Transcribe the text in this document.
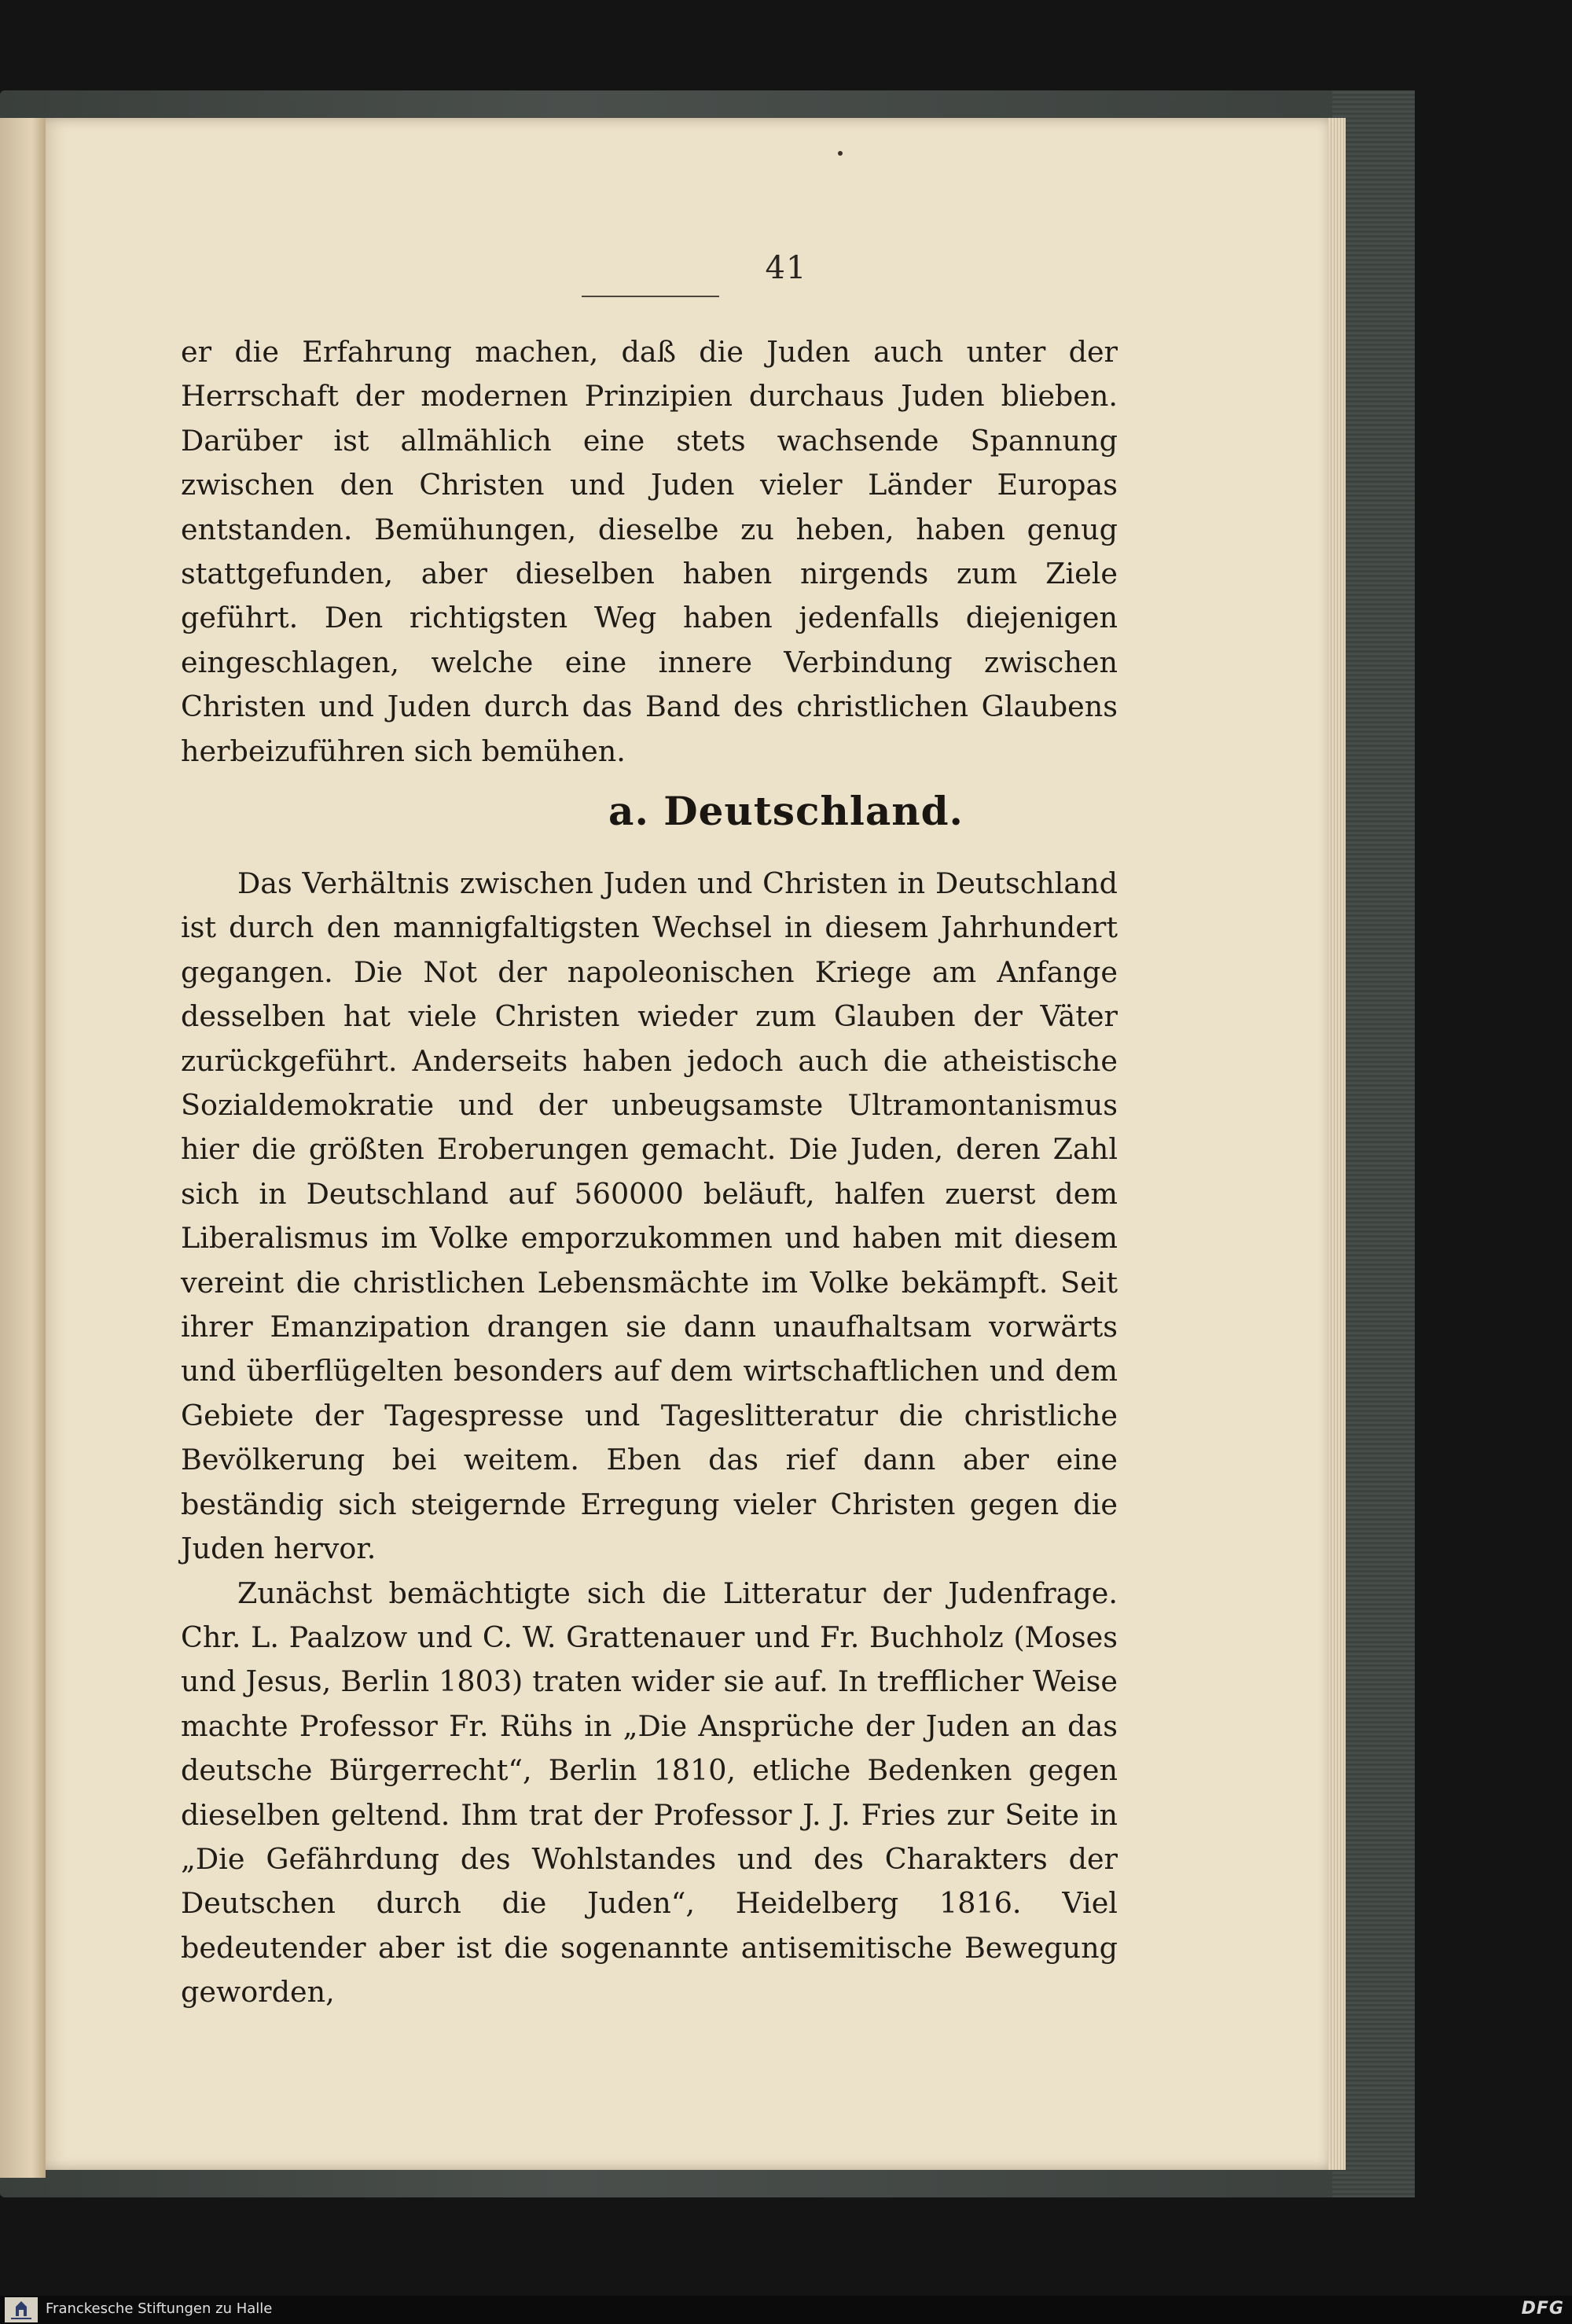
41

er die Erfahrung machen, daß die Juden auch unter der Herrschaft der modernen Prinzipien durchaus Juden blieben. Darüber ist allmählich eine stets wachsende Spannung zwischen den Christen und Juden vieler Länder Europas entstanden. Bemühungen, dieselbe zu heben, haben genug stattgefunden, aber dieselben haben nirgends zum Ziele geführt. Den richtigsten Weg haben jedenfalls diejenigen eingeschlagen, welche eine innere Verbindung zwischen Christen und Juden durch das Band des christlichen Glaubens herbeizuführen sich bemühen.

a. Deutschland.

Das Verhältnis zwischen Juden und Christen in Deutschland ist durch den mannigfaltigsten Wechsel in diesem Jahrhundert gegangen. Die Not der napoleonischen Kriege am Anfange desselben hat viele Christen wieder zum Glauben der Väter zurückgeführt. Anderseits haben jedoch auch die atheistische Sozialdemokratie und der unbeugsamste Ultramontanismus hier die größten Eroberungen gemacht. Die Juden, deren Zahl sich in Deutschland auf 560000 beläuft, halfen zuerst dem Liberalismus im Volke emporzukommen und haben mit diesem vereint die christlichen Lebensmächte im Volke bekämpft. Seit ihrer Emanzipation drangen sie dann unaufhaltsam vorwärts und überflügelten besonders auf dem wirtschaftlichen und dem Gebiete der Tagespresse und Tageslitteratur die christliche Bevölkerung bei weitem. Eben das rief dann aber eine beständig sich steigernde Erregung vieler Christen gegen die Juden hervor.

Zunächst bemächtigte sich die Litteratur der Judenfrage. Chr. L. Paalzow und C. W. Grattenauer und Fr. Buchholz (Moses und Jesus, Berlin 1803) traten wider sie auf. In trefflicher Weise machte Professor Fr. Rühs in „Die Ansprüche der Juden an das deutsche Bürgerrecht“, Berlin 1810, etliche Bedenken gegen dieselben geltend. Ihm trat der Professor J. J. Fries zur Seite in „Die Gefährdung des Wohlstandes und des Charakters der Deutschen durch die Juden“, Heidelberg 1816. Viel bedeutender aber ist die sogenannte antisemitische Bewegung geworden,

Franckesche Stiftungen zu Halle	DFG
